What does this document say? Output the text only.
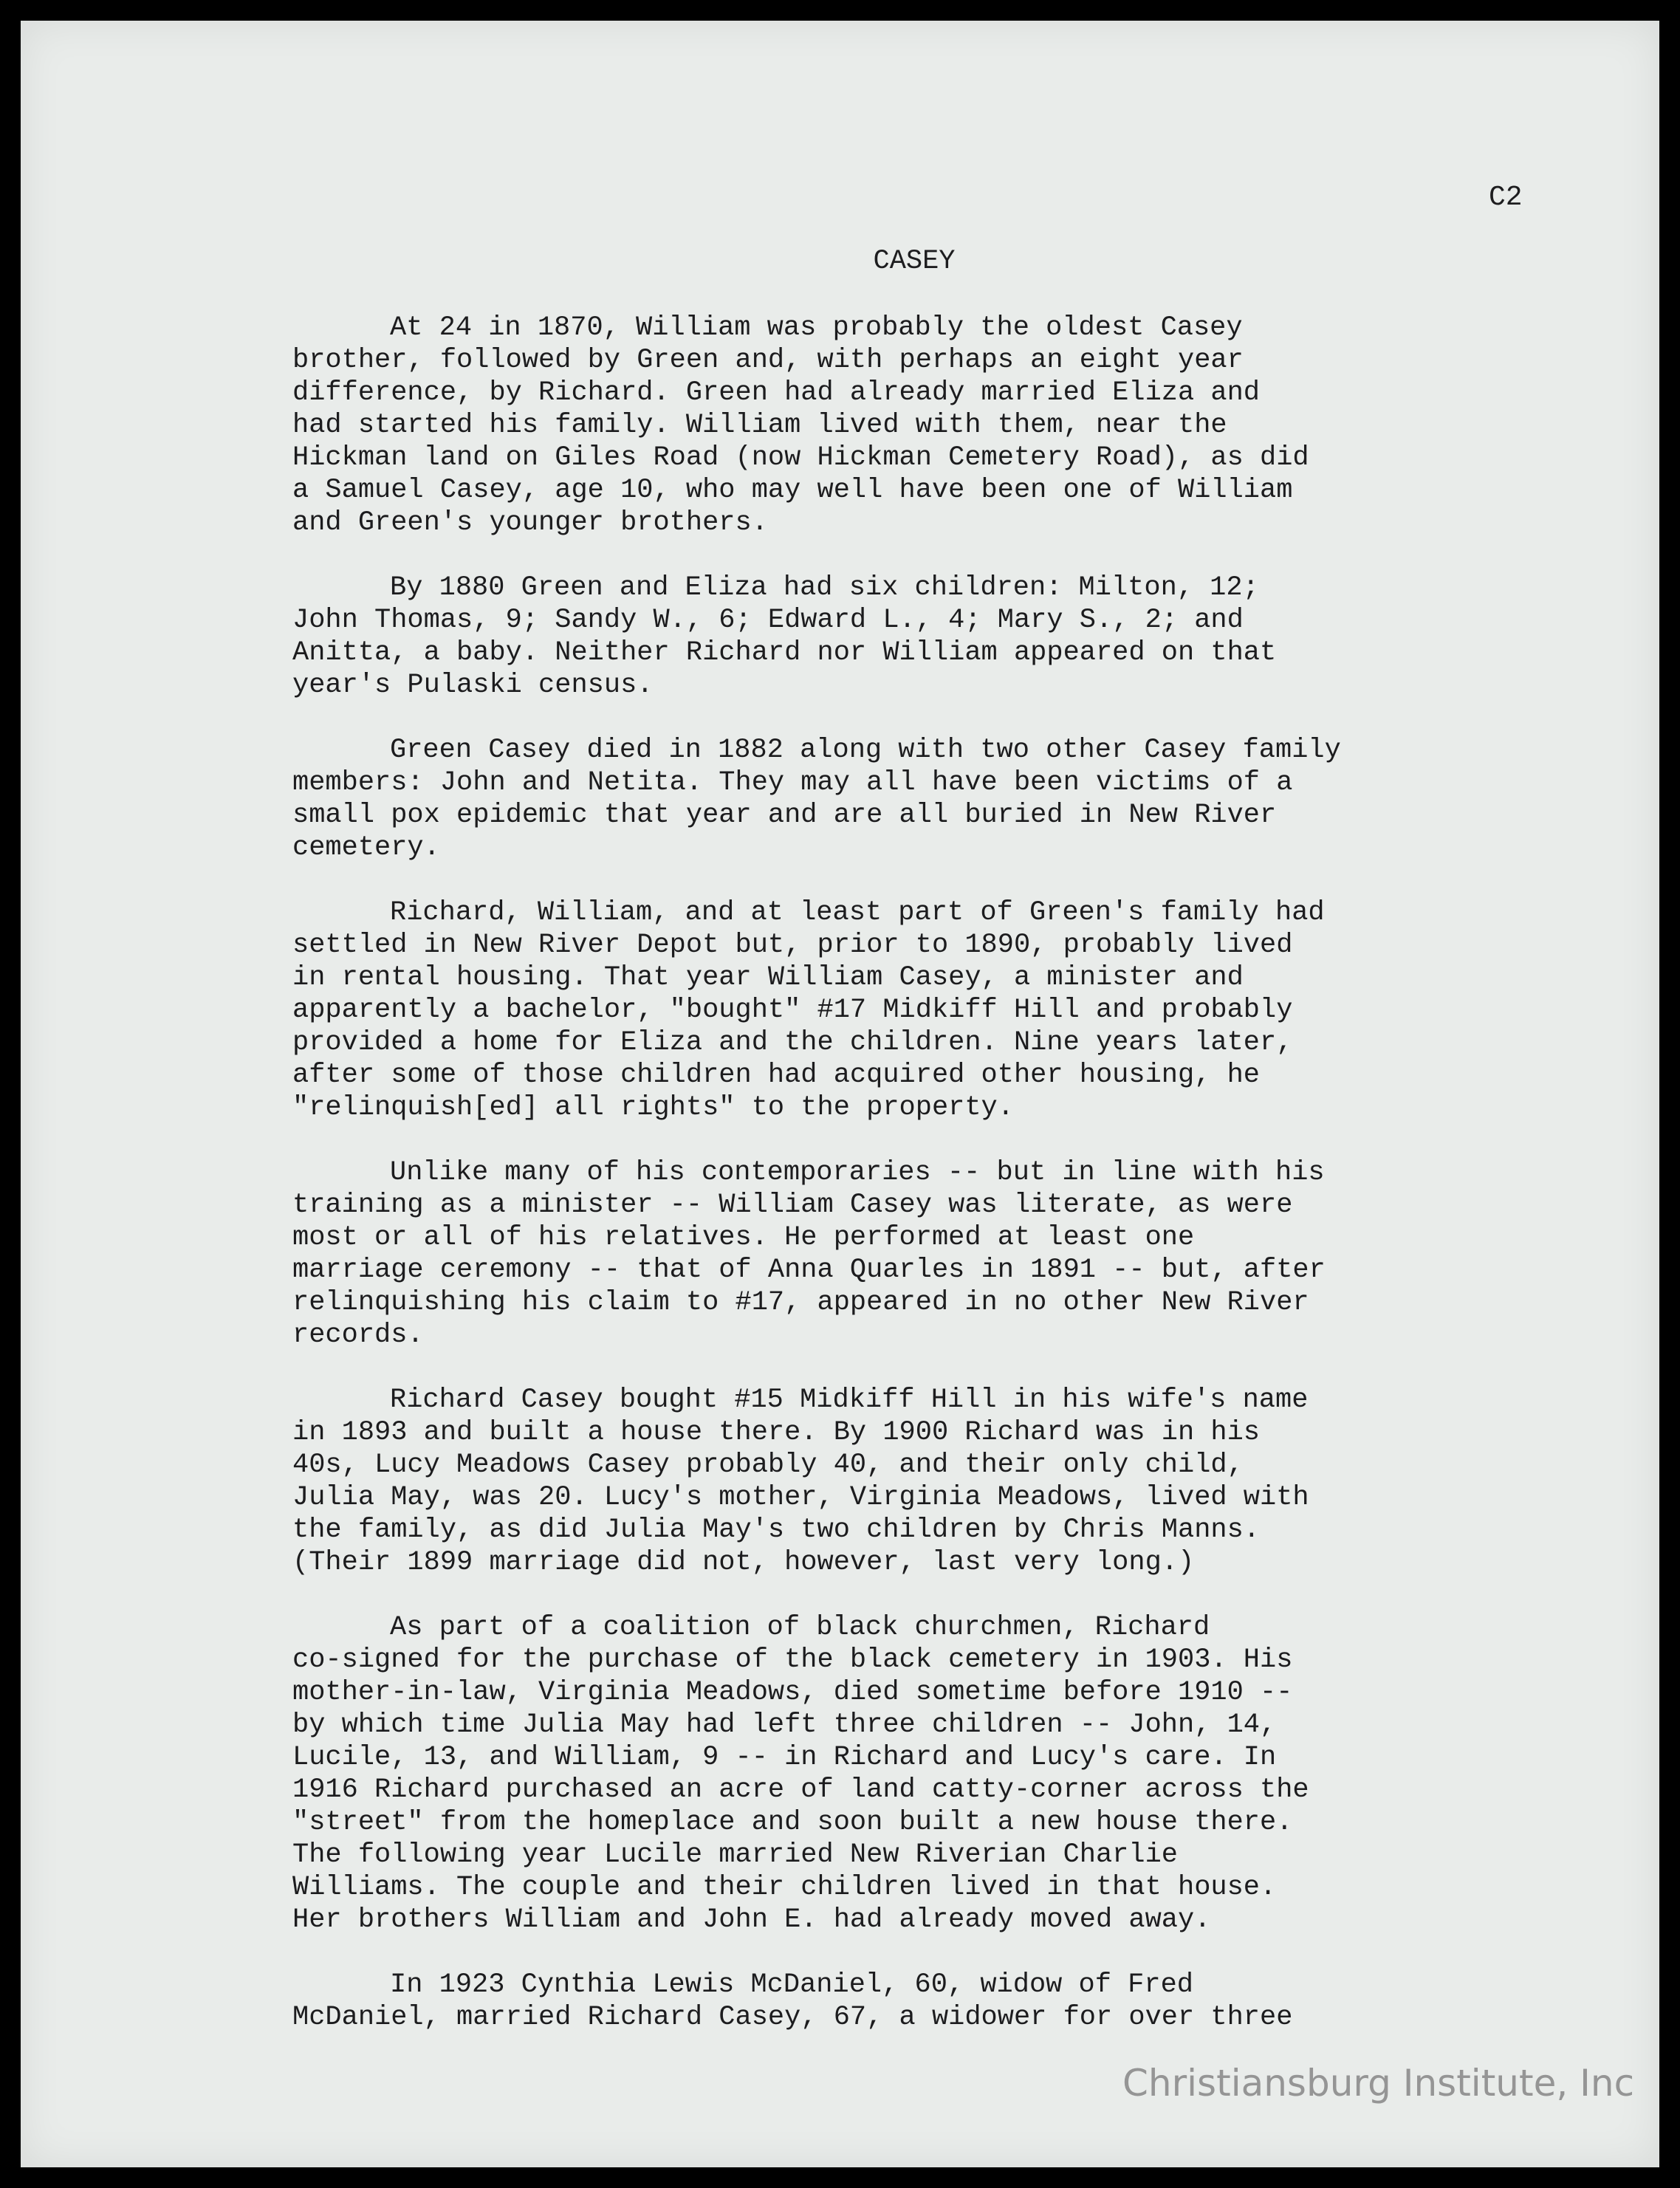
C2
CASEY

At 24 in 1870, William was probably the oldest Casey
brother, followed by Green and, with perhaps an eight year
difference, by Richard. Green had already married Eliza and
had started his family. William lived with them, near the
Hickman land on Giles Road (now Hickman Cemetery Road), as did
a Samuel Casey, age 10, who may well have been one of William
and Green's younger brothers.

By 1880 Green and Eliza had six children: Milton, 12;
John Thomas, 9; Sandy W., 6; Edward L., 4; Mary S., 2; and
Anitta, a baby. Neither Richard nor William appeared on that
year's Pulaski census.

Green Casey died in 1882 along with two other Casey family
members: John and Netita. They may all have been victims of a
small pox epidemic that year and are all buried in New River
cemetery.

Richard, William, and at least part of Green's family had
settled in New River Depot but, prior to 1890, probably lived
in rental housing. That year William Casey, a minister and
apparently a bachelor, "bought" #17 Midkiff Hill and probably
provided a home for Eliza and the children. Nine years later,
after some of those children had acquired other housing, he
"relinquish[ed] all rights" to the property.

Unlike many of his contemporaries -- but in line with his
training as a minister -- William Casey was literate, as were
most or all of his relatives. He performed at least one
marriage ceremony -- that of Anna Quarles in 1891 -- but, after
relinquishing his claim to #17, appeared in no other New River
records.

Richard Casey bought #15 Midkiff Hill in his wife's name
in 1893 and built a house there. By 1900 Richard was in his
40s, Lucy Meadows Casey probably 40, and their only child,
Julia May, was 20. Lucy's mother, Virginia Meadows, lived with
the family, as did Julia May's two children by Chris Manns.
(Their 1899 marriage did not, however, last very long.)

As part of a coalition of black churchmen, Richard
co-signed for the purchase of the black cemetery in 1903. His
mother-in-law, Virginia Meadows, died sometime before 1910 --
by which time Julia May had left three children -- John, 14,
Lucile, 13, and William, 9 -- in Richard and Lucy's care. In
1916 Richard purchased an acre of land catty-corner across the
"street" from the homeplace and soon built a new house there.
The following year Lucile married New Riverian Charlie
Williams. The couple and their children lived in that house.
Her brothers William and John E. had already moved away.

In 1923 Cynthia Lewis McDaniel, 60, widow of Fred
McDaniel, married Richard Casey, 67, a widower for over three

Christiansburg Institute, Inc
